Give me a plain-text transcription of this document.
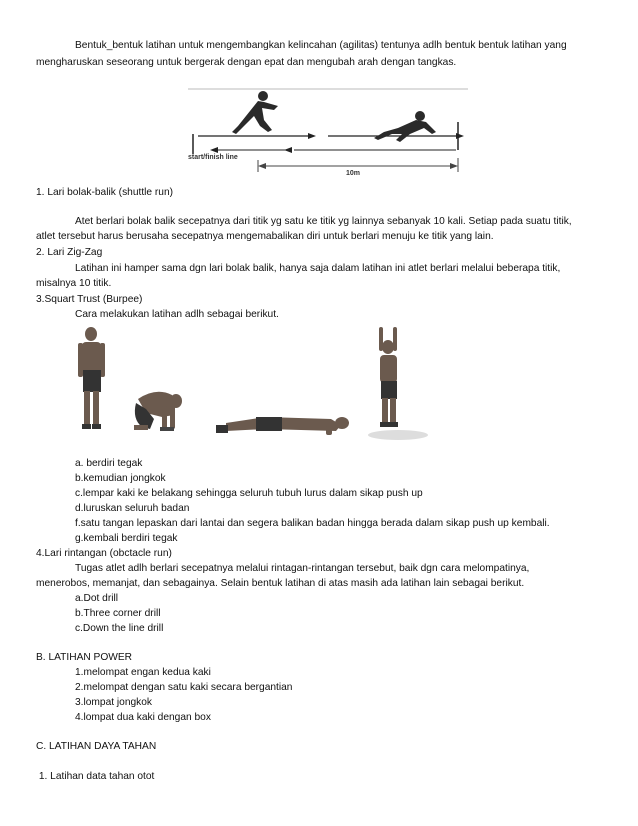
Bentuk_bentuk latihan untuk mengembangkan kelincahan (agilitas) tentunya adlh bentuk bentuk latihan yang
mengharuskan seseorang untuk bergerak dengan epat dan mengubah arah dengan tangkas.
start/finish line
10m
1. Lari bolak-balik (shuttle run)
Atet berlari bolak balik secepatnya dari titik yg satu ke titik yg lainnya sebanyak 10 kali. Setiap pada suatu titik,
atlet tersebut harus berusaha secepatnya mengemabalikan diri untuk berlari menuju ke titik yang lain.
2. Lari Zig-Zag
Latihan ini hamper sama dgn lari bolak balik, hanya saja dalam latihan ini atlet berlari melalui beberapa titik,
misalnya 10 titik.
3.Squart Trust (Burpee)
Cara melakukan latihan adlh sebagai berikut.
a. berdiri tegak
b.kemudian jongkok
c.lempar kaki ke belakang sehingga seluruh tubuh lurus dalam sikap push up
d.luruskan seluruh badan
f.satu tangan lepaskan dari lantai dan segera balikan badan hingga berada dalam sikap push up kembali.
g.kembali berdiri tegak
4.Lari rintangan (obctacle run)
Tugas atlet adlh berlari secepatnya melalui rintagan-rintangan tersebut, baik dgn cara melompatinya,
menerobos, memanjat, dan sebagainya. Selain bentuk latihan di atas masih ada latihan lain sebagai berikut.
a.Dot drill
b.Three corner drill
c.Down the line drill
B. LATIHAN POWER
1.melompat engan kedua kaki
2.melompat dengan satu kaki secara bergantian
3.lompat jongkok
4.lompat dua kaki dengan box
C. LATIHAN DAYA TAHAN
1. Latihan data tahan otot
